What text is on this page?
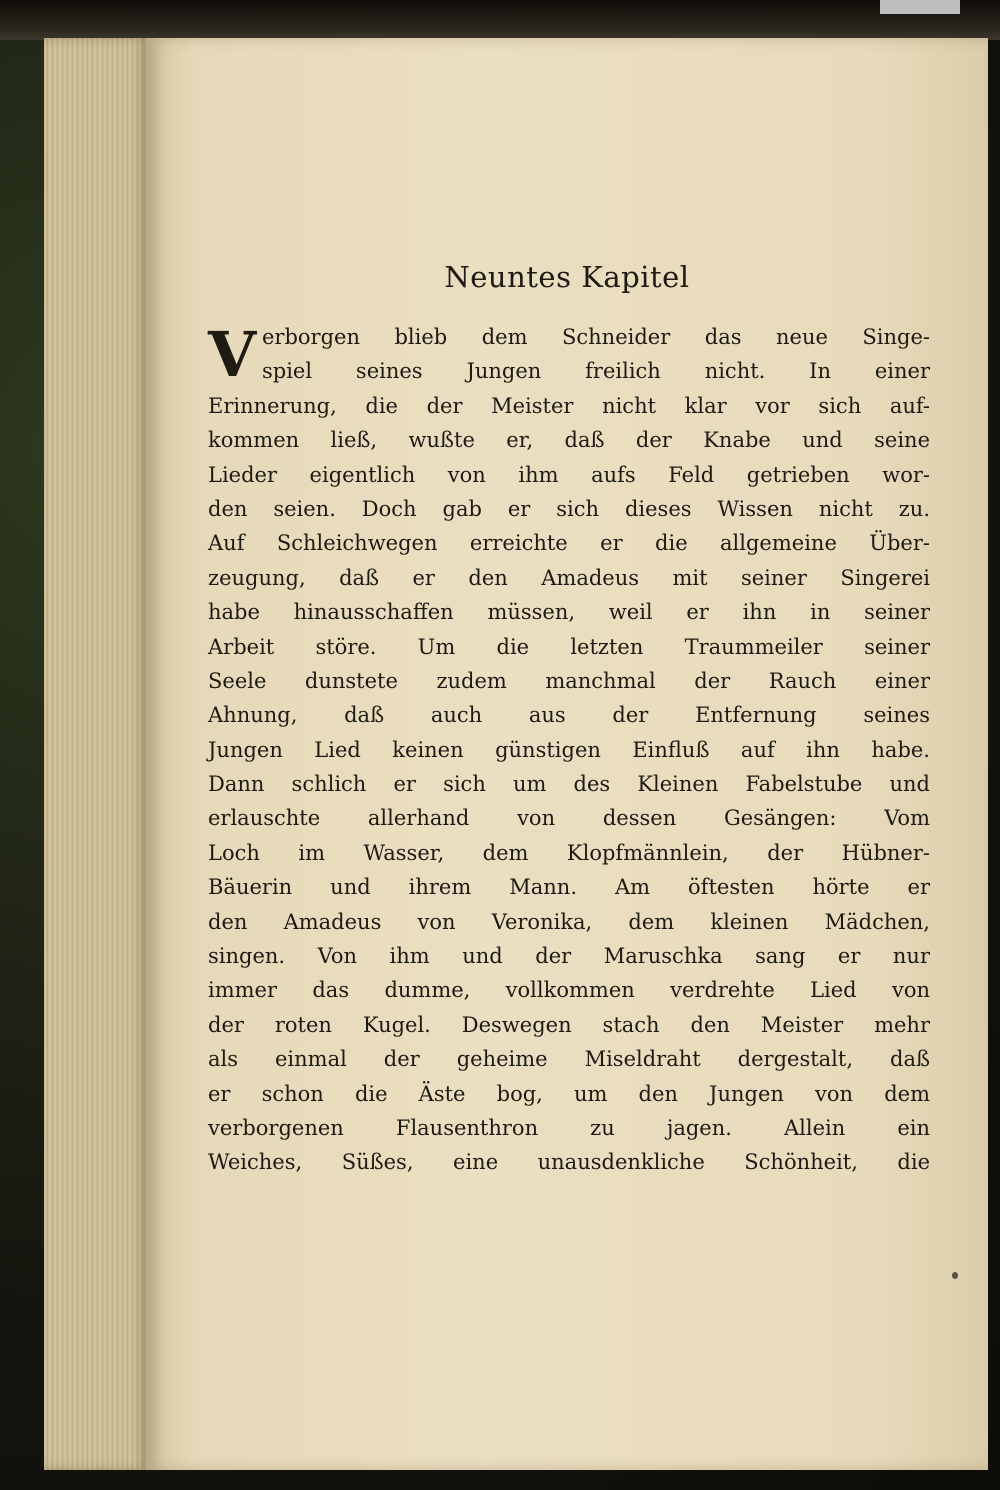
Neuntes Kapitel
V erborgen blieb dem Schneider das neue Singe-
spiel seines Jungen freilich nicht. In einer
Erinnerung, die der Meister nicht klar vor sich auf-
kommen ließ, wußte er, daß der Knabe und seine
Lieder eigentlich von ihm aufs Feld getrieben wor-
den seien. Doch gab er sich dieses Wissen nicht zu.
Auf Schleichwegen erreichte er die allgemeine Über-
zeugung, daß er den Amadeus mit seiner Singerei
habe hinausschaffen müssen, weil er ihn in seiner
Arbeit störe. Um die letzten Traummeiler seiner
Seele dunstete zudem manchmal der Rauch einer
Ahnung, daß auch aus der Entfernung seines
Jungen Lied keinen günstigen Einfluß auf ihn habe.
Dann schlich er sich um des Kleinen Fabelstube und
erlauschte allerhand von dessen Gesängen: Vom
Loch im Wasser, dem Klopfmännlein, der Hübner-
Bäuerin und ihrem Mann. Am öftesten hörte er
den Amadeus von Veronika, dem kleinen Mädchen,
singen. Von ihm und der Maruschka sang er nur
immer das dumme, vollkommen verdrehte Lied von
der roten Kugel. Deswegen stach den Meister mehr
als einmal der geheime Miseldraht dergestalt, daß
er schon die Äste bog, um den Jungen von dem
verborgenen Flausenthron zu jagen. Allein ein
Weiches, Süßes, eine unausdenkliche Schönheit, die
